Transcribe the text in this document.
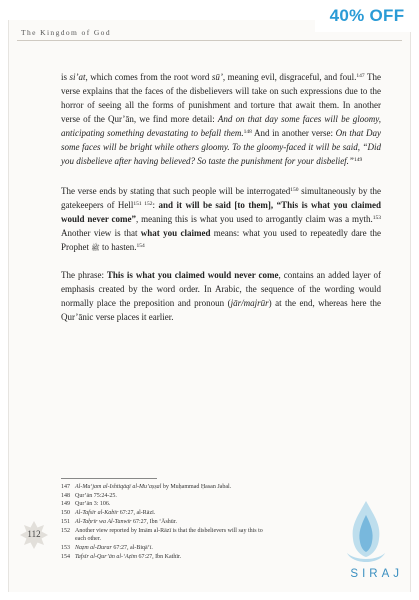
The Kingdom of God

is si’at, which comes from the root word sū’, meaning evil, disgraceful, and foul.$^{147}$ The verse explains that the faces of the disbelievers will take on such expressions due to the horror of seeing all the forms of punishment and torture that await them. In another verse of the Qur’ān, we find more detail: And on that day some faces will be gloomy, anticipating something devastating to befall them.$^{148}$ And in another verse: On that Day some faces will be bright while others gloomy. To the gloomy-faced it will be said, “Did you disbelieve after having believed? So taste the punishment for your disbelief.”$^{149}$

The verse ends by stating that such people will be interrogated$^{150}$ simultaneously by the gatekeepers of Hell$^{151}$ $^{152}$: and it will be said [to them], “This is what you claimed would never come”, meaning this is what you used to arrogantly claim was a myth.$^{153}$ Another view is that what you claimed means: what you used to repeatedly dare the Prophet ﷺ to hasten.$^{154}$

The phrase: This is what you claimed would never come, contains an added layer of emphasis created by the word order. In Arabic, the sequence of the wording would normally place the preposition and pronoun (jār/majrūr) at the end, whereas here the Qur’ānic verse places it earlier.

147 Al-Mu‘jam al-Ishtiqāqī al-Mu’aṣṣal by Muḥammad Ḥasan Jabal.
148 Qur’ān 75:24-25.
149 Qur’ān 3: 106.
150 Al-Tafsīr al-Kabīr 67:27, al-Rāzī.
151 Al-Taḥrīr wa Al-Tanwīr 67:27, Ibn ‘Āshūr.
152 Another view reported by Imām al-Rāzī is that the disbelievers will say this to
each other.
153 Naẓm al-Durar 67:27, al-Biqā‘ī.
154 Tafsīr al-Qur’ān al-‘Aẓīm 67:27, Ibn Kathīr.
112
40% OFF
SIRAJ
